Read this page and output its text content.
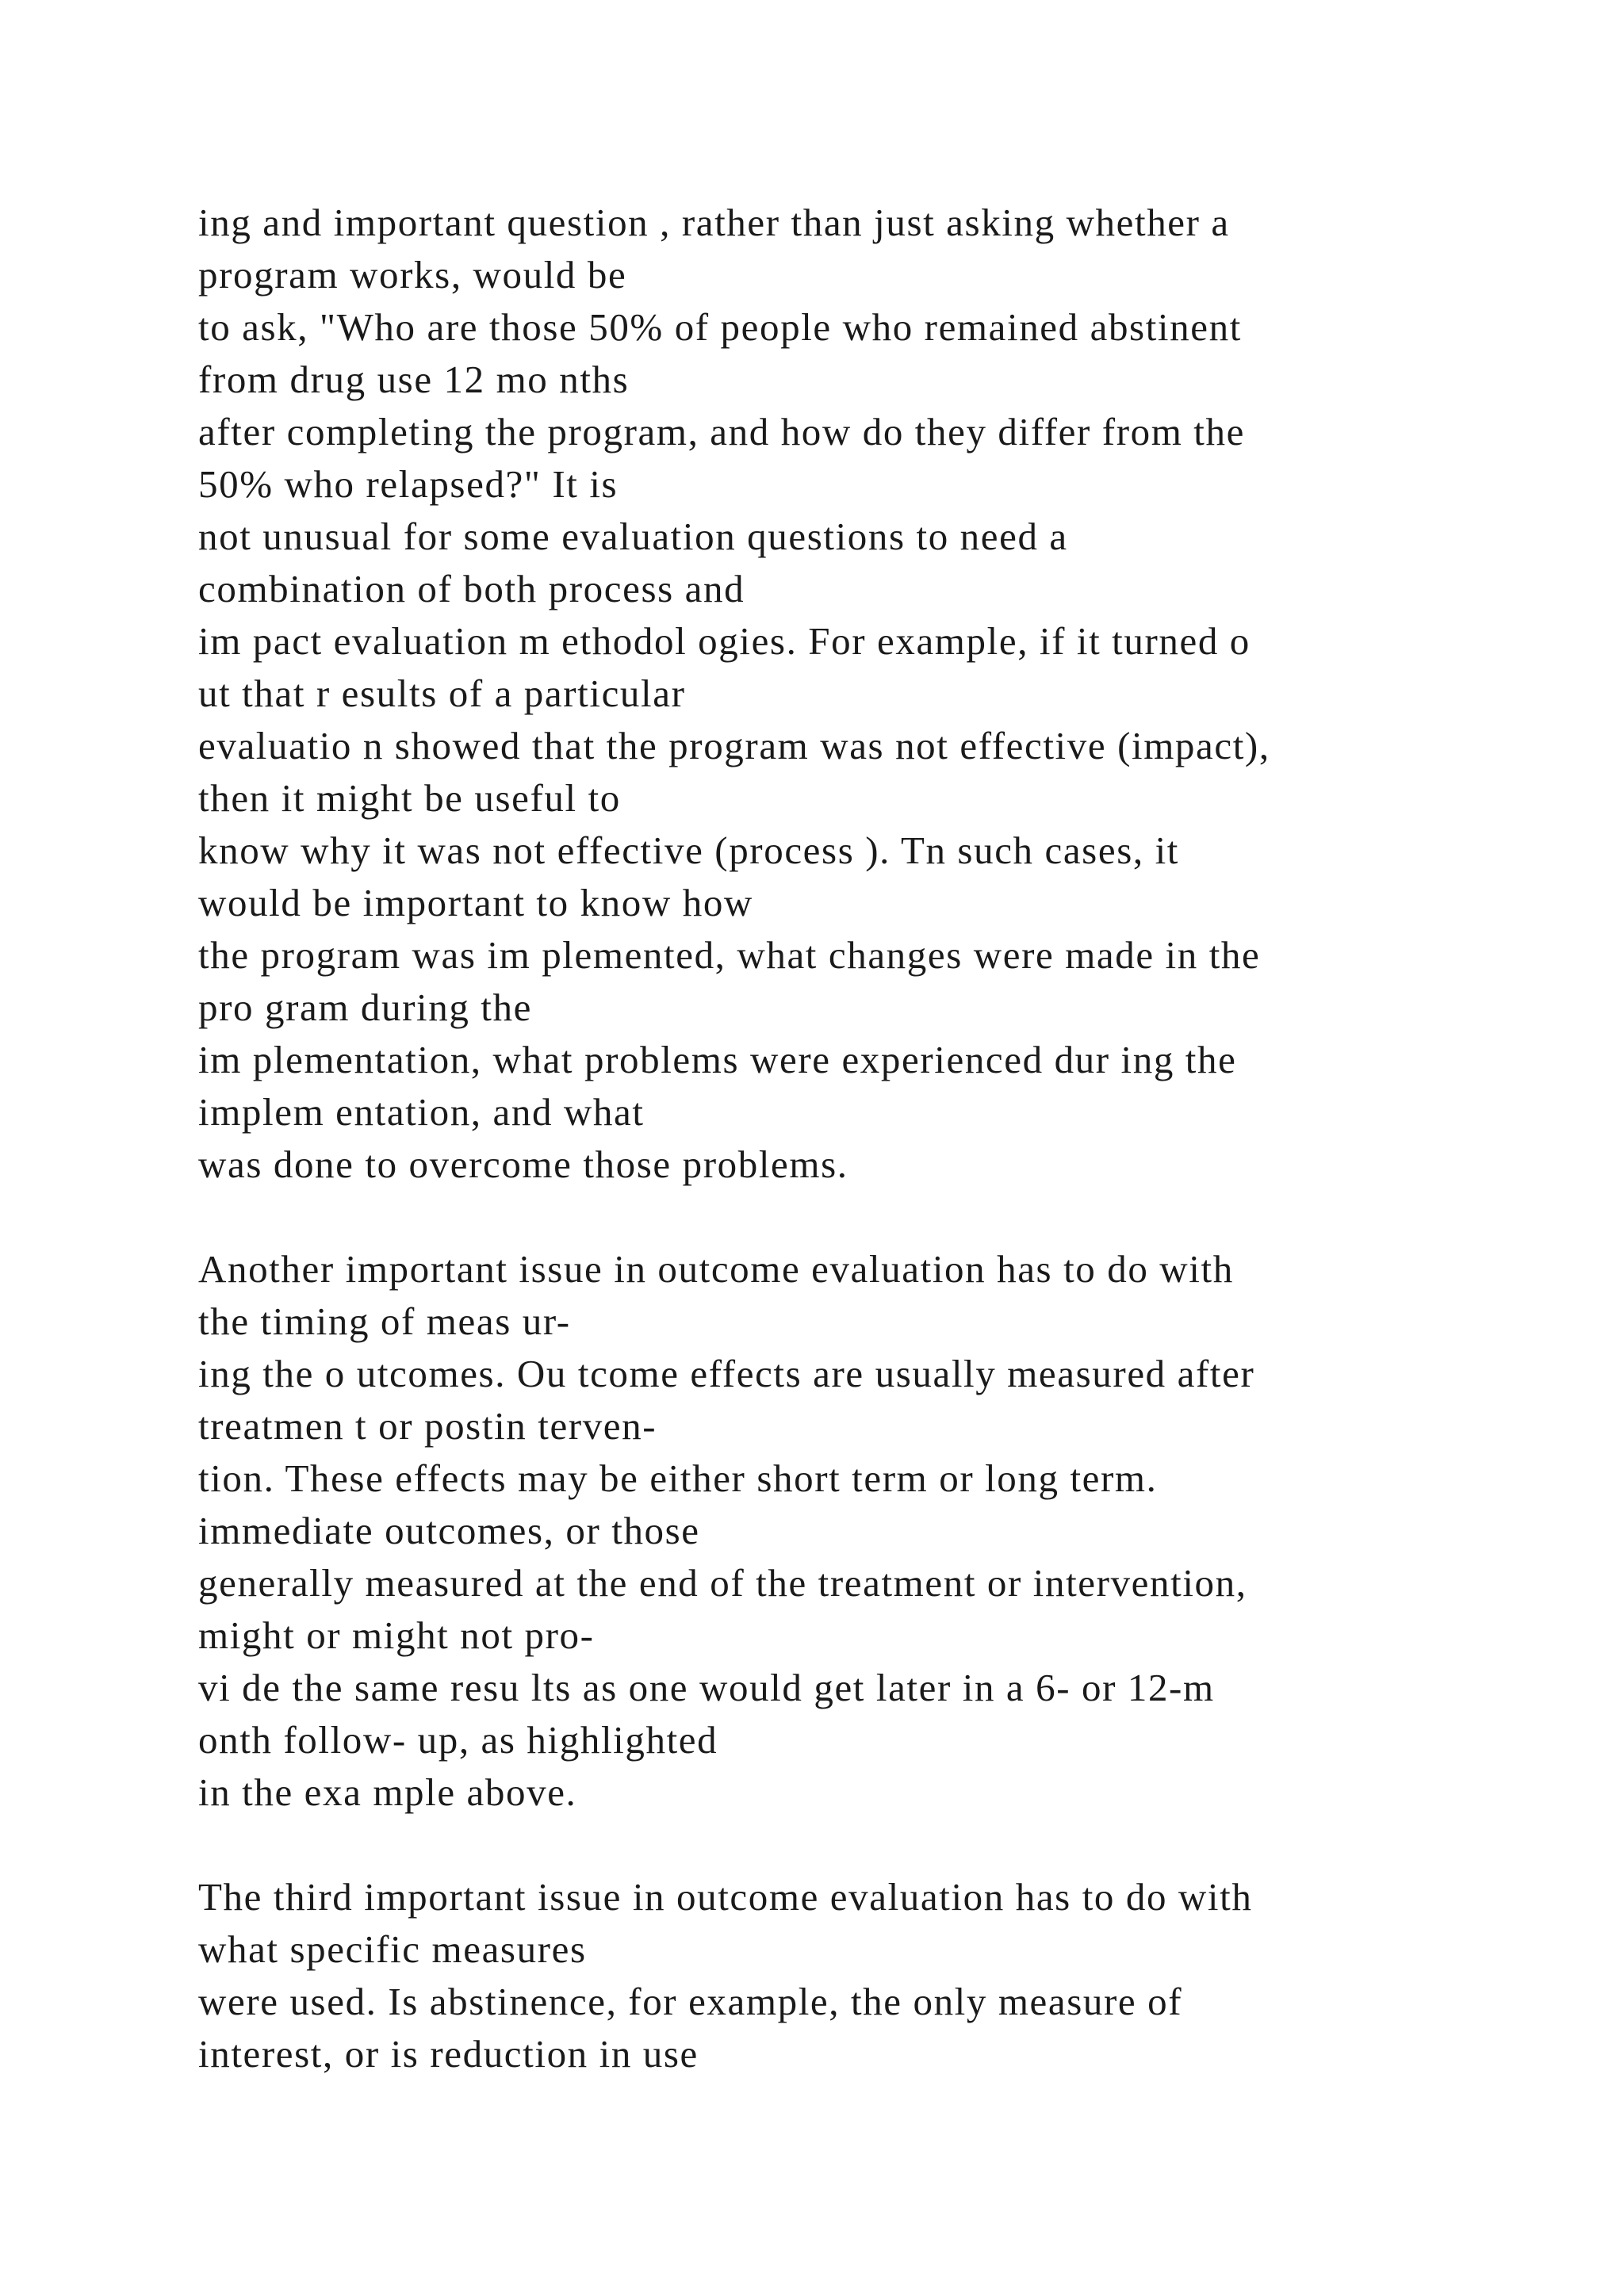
ing and important question , rather than just asking whether a
program works, would be
to ask, "Who are those 50% of people who remained abstinent
from drug use 12 mo nths
after completing the program, and how do they differ from the
50% who relapsed?" It is
not unusual for some evaluation questions to need a
combination of both process and
im pact evaluation m ethodol ogies. For example, if it turned o
ut that r esults of a particular
evaluatio n showed that the program was not effective (impact),
then it might be useful to
know why it was not effective (process ). Tn such cases, it
would be important to know how
the program was im plemented, what changes were made in the
pro gram during the
im plementation, what problems were experienced dur ing the
implem entation, and what
was done to overcome those problems.
Another important issue in outcome evaluation has to do with
the timing of meas ur-
ing the o utcomes. Ou tcome effects are usually measured after
treatmen t or postin terven-
tion. These effects may be either short term or long term.
immediate outcomes, or those
generally measured at the end of the treatment or intervention,
might or might not pro-
vi de the same resu lts as one would get later in a 6- or 12-m
onth follow- up, as highlighted
in the exa mple above.
The third important issue in outcome evaluation has to do with
what specific measures
were used. Is abstinence, for example, the only measure of
interest, or is reduction in use
